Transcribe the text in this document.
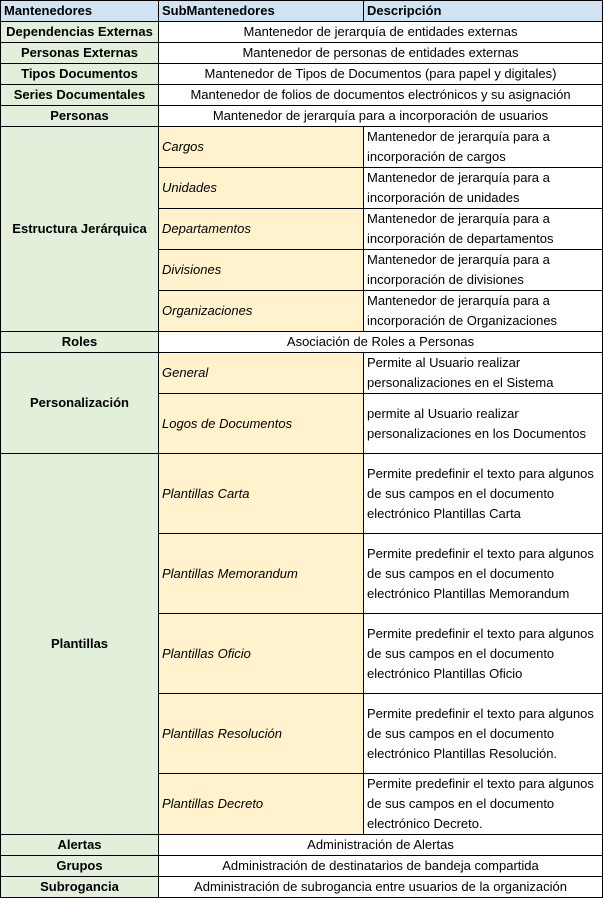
Mantenedores	SubMantenedores	Descripción
Dependencias Externas	Mantenedor de jerarquía de entidades externas	
Personas Externas	Mantenedor de personas de entidades externas	
Tipos Documentos	Mantenedor de Tipos de Documentos (para papel y digitales)	
Series Documentales	Mantenedor de folios de documentos electrónicos y su asignación	
Personas	Mantenedor de jerarquía para a incorporación de usuarios	
Estructura Jerárquica	Cargos	Mantenedor de jerarquía para a incorporación de cargos
	Unidades	Mantenedor de jerarquía para a incorporación de unidades
	Departamentos	Mantenedor de jerarquía para a incorporación de departamentos
	Divisiones	Mantenedor de jerarquía para a incorporación de divisiones
	Organizaciones	Mantenedor de jerarquía para a incorporación de Organizaciones
Roles	Asociación de Roles a Personas	
Personalización	General	Permite al Usuario realizar personalizaciones en el Sistema
	Logos de Documentos	permite al Usuario realizar personalizaciones en los Documentos
Plantillas	Plantillas Carta	Permite predefinir el texto para algunos de sus campos en el documento electrónico Plantillas Carta
	Plantillas Memorandum	Permite predefinir el texto para algunos de sus campos en el documento electrónico Plantillas Memorandum
	Plantillas Oficio	Permite predefinir el texto para algunos de sus campos en el documento electrónico Plantillas Oficio
	Plantillas Resolución	Permite predefinir el texto para algunos de sus campos en el documento electrónico Plantillas Resolución.
	Plantillas Decreto	Permite predefinir el texto para algunos de sus campos en el documento electrónico Decreto.
Alertas	Administración de Alertas	
Grupos	Administración de destinatarios de bandeja compartida	
Subrogancia	Administración de subrogancia entre usuarios de la organización	
